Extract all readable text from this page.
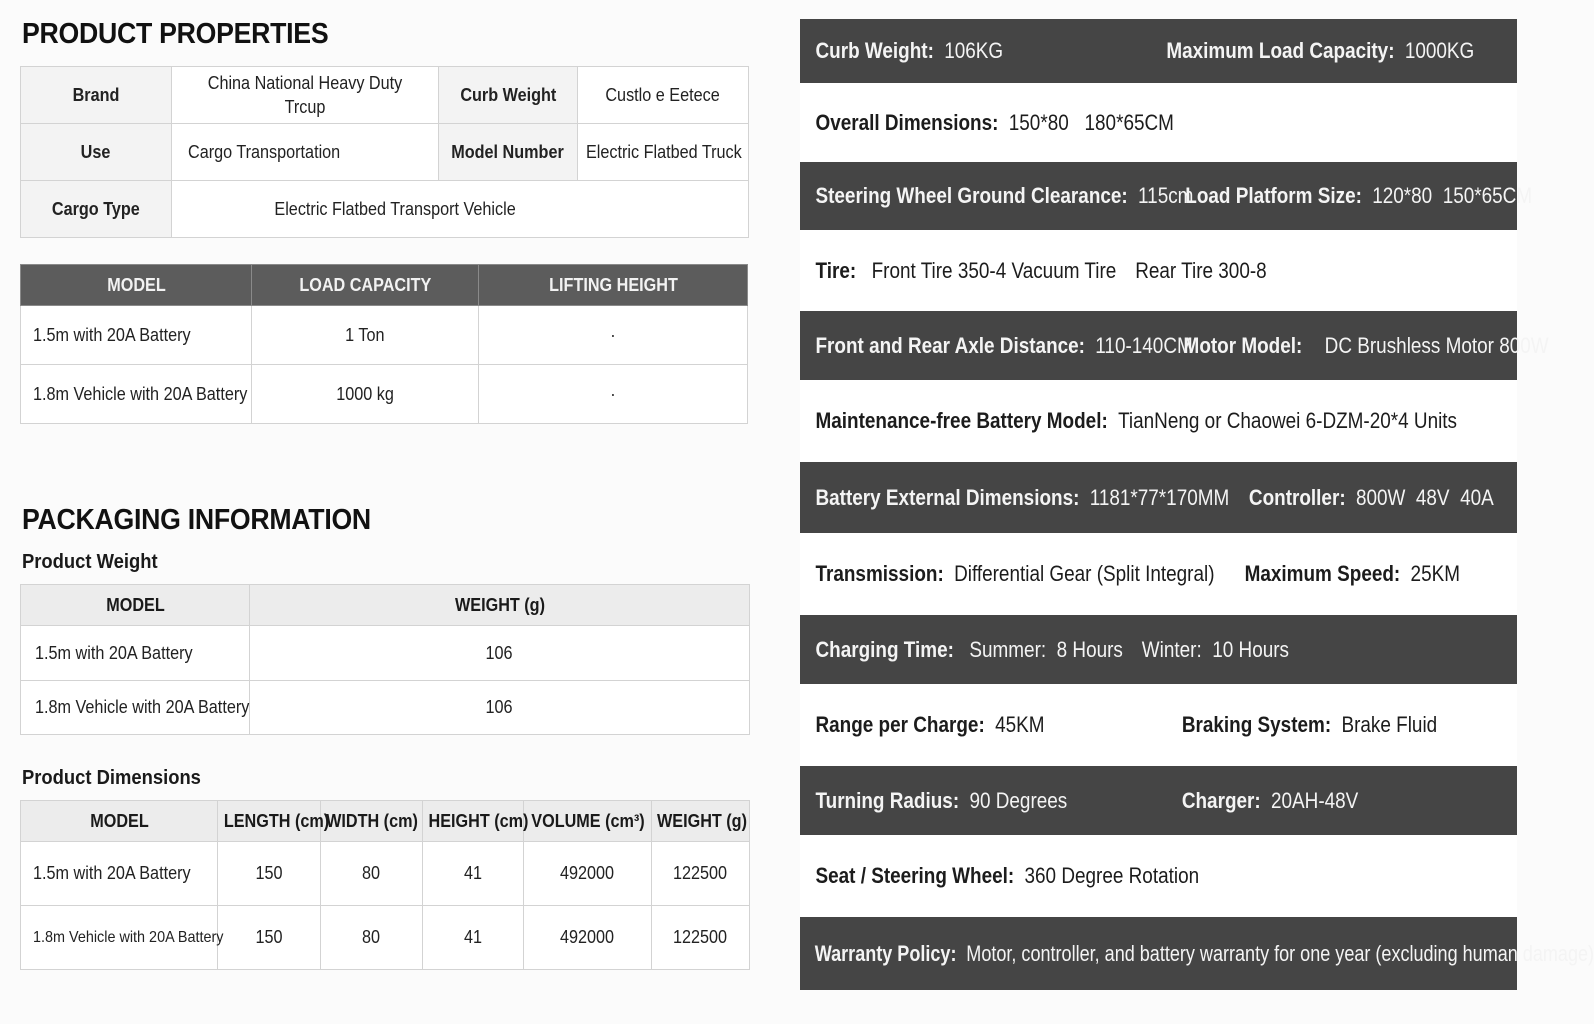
PRODUCT PROPERTIES
Brand	China National Heavy Duty Trcup	Curb Weight	Custlo e Eetece
Use	Cargo Transportation	Model Number	Electric Flatbed Truck
Cargo Type	Electric Flatbed Transport Vehicle		
MODEL	LOAD CAPACITY	LIFTING HEIGHT
1.5m with 20A Battery	1 Ton	·
1.8m Vehicle with 20A Battery	1000 kg	·
PACKAGING INFORMATION
Product Weight
MODEL	WEIGHT (g)
1.5m with 20A Battery	106
1.8m Vehicle with 20A Battery	106
Product Dimensions
MODEL	LENGTH (cm)	WIDTH (cm)	HEIGHT (cm)	VOLUME (cm³)	WEIGHT (g)
1.5m with 20A Battery	150	80	41	492000	122500
1.8m Vehicle with 20A Battery	150	80	41	492000	122500
Curb Weight: 106KG	Maximum Load Capacity: 1000KG
Overall Dimensions: 150*80   180*65CM
Steering Wheel Ground Clearance: 115cm
Load Platform Size: 120*80  150*65CM
Tire: Front Tire 350-4 Vacuum Tire Rear Tire 300-8
Front and Rear Axle Distance: 110-140CM
Motor Model: DC Brushless Motor 800W
Maintenance-free Battery Model: TianNeng or Chaowei 6-DZM-20*4 Units
Battery External Dimensions: 1181*77*170MM Controller: 800W  48V  40A
Transmission: Differential Gear (Split Integral) Maximum Speed: 25KM
Charging Time: Summer:  8 Hours Winter:  10 Hours
Range per Charge: 45KM	Braking System: Brake Fluid
Turning Radius: 90 Degrees	Charger: 20AH-48V
Seat / Steering Wheel: 360 Degree Rotation
Warranty Policy: Motor, controller, and battery warranty for one year (excluding human damage)
